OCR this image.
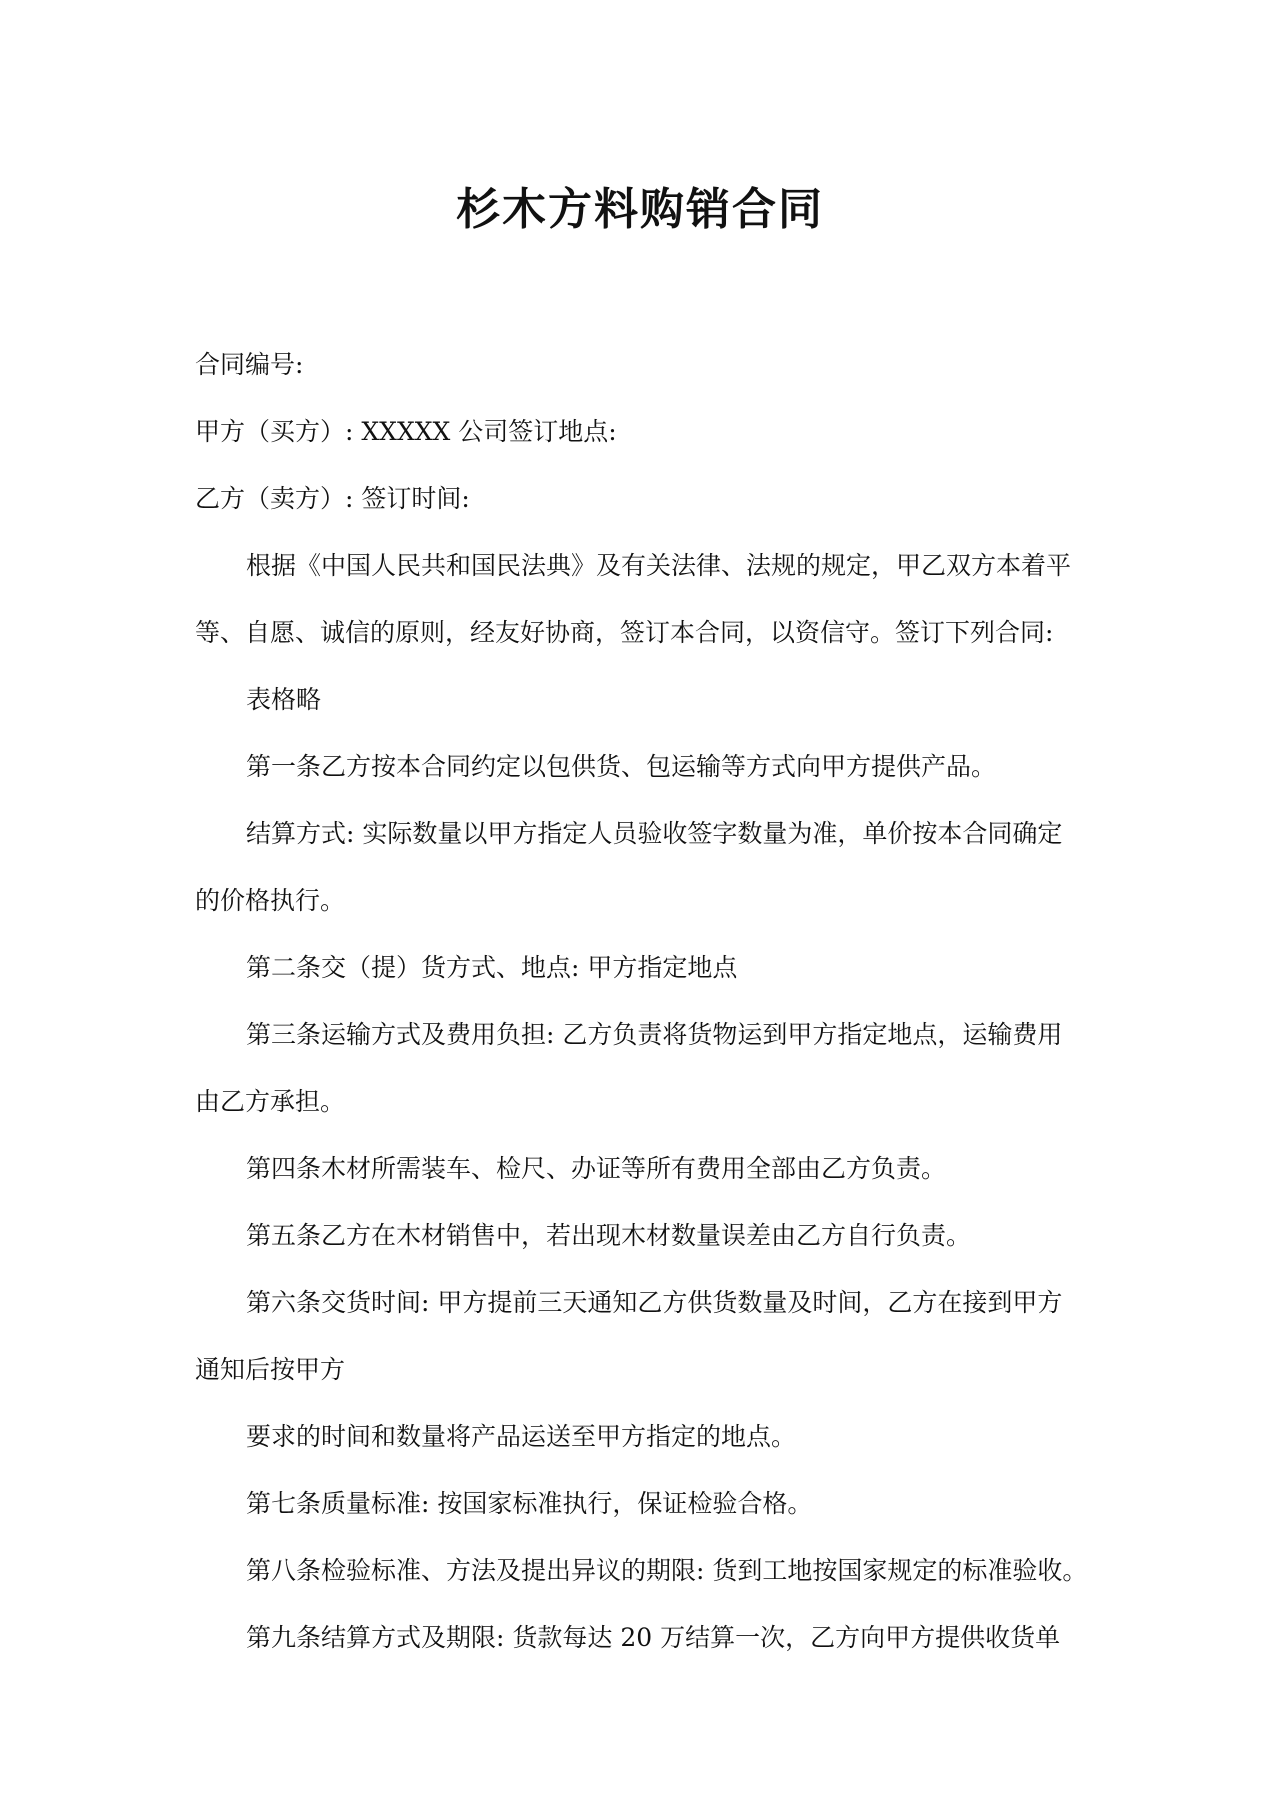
杉木方料购销合同
合同编号:
甲方（买方）: XXXXX 公司签订地点:
乙方（卖方）: 签订时间:
根据《中国人民共和国民法典》及有关法律、法规的规定，甲乙双方本着平
等、自愿、诚信的原则，经友好协商，签订本合同，以资信守。签订下列合同:
表格略
第一条乙方按本合同约定以包供货、包运输等方式向甲方提供产品。
结算方式: 实际数量以甲方指定人员验收签字数量为准，单价按本合同确定
的价格执行。
第二条交（提）货方式、地点: 甲方指定地点
第三条运输方式及费用负担: 乙方负责将货物运到甲方指定地点，运输费用
由乙方承担。
第四条木材所需装车、检尺、办证等所有费用全部由乙方负责。
第五条乙方在木材销售中，若出现木材数量误差由乙方自行负责。
第六条交货时间: 甲方提前三天通知乙方供货数量及时间，乙方在接到甲方
通知后按甲方
要求的时间和数量将产品运送至甲方指定的地点。
第七条质量标准: 按国家标准执行，保证检验合格。
第八条检验标准、方法及提出异议的期限: 货到工地按国家规定的标准验收。
第九条结算方式及期限: 货款每达 20 万结算一次，乙方向甲方提供收货单
